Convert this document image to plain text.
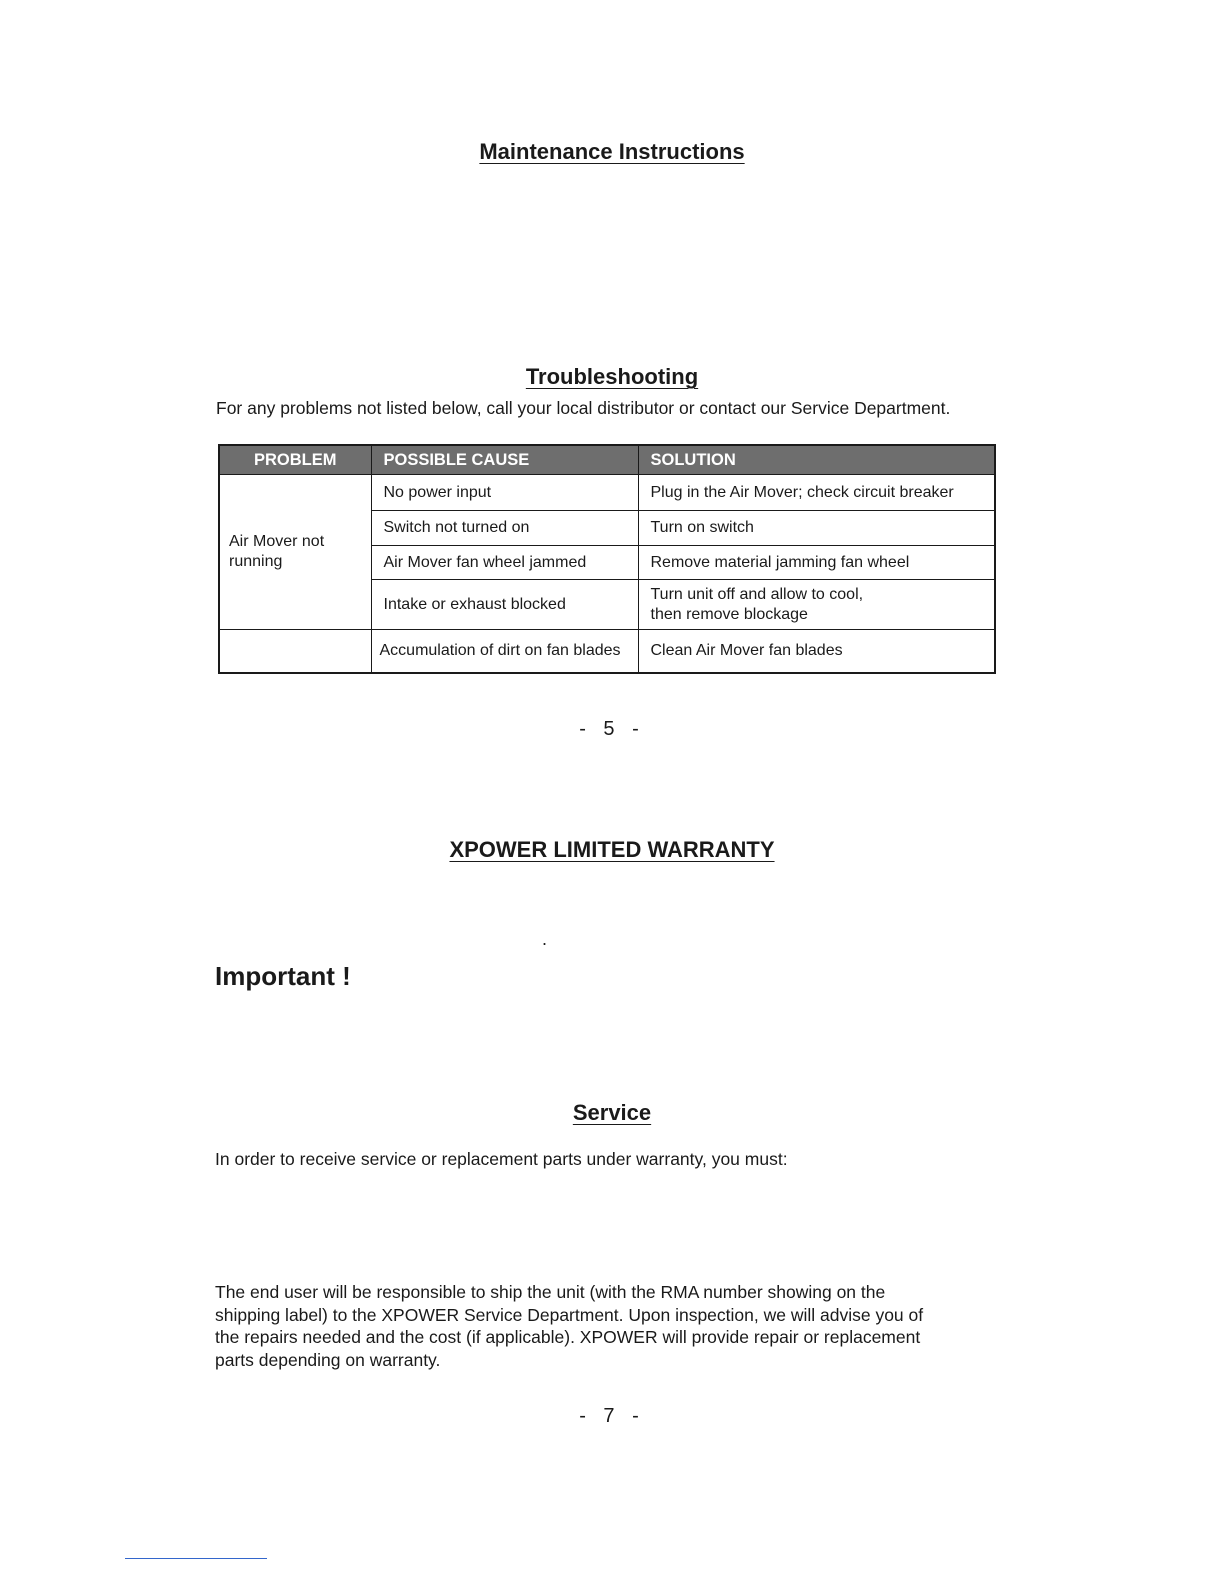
Maintenance Instructions
Troubleshooting
For any problems not listed below, call your local distributor or contact our Service Department.
PROBLEM	POSSIBLE CAUSE	SOLUTION

Air Mover not running	No power input	Plug in the Air Mover; check circuit breaker
	Switch not turned on	Turn on switch
	Air Mover fan wheel jammed	Remove material jamming fan wheel
	Intake or exhaust blocked	Turn unit off and allow to cool,
then remove blockage

	Accumulation of dirt on fan blades	Clean Air Mover fan blades
- 5 -
XPOWER LIMITED WARRANTY
.
Important !
Service
In order to receive service or replacement parts under warranty, you must:
The end user will be responsible to ship the unit (with the RMA number showing on the
shipping label) to the XPOWER Service Department. Upon inspection, we will advise you of
the repairs needed and the cost (if applicable). XPOWER will provide repair or replacement
parts depending on warranty.
- 7 -
